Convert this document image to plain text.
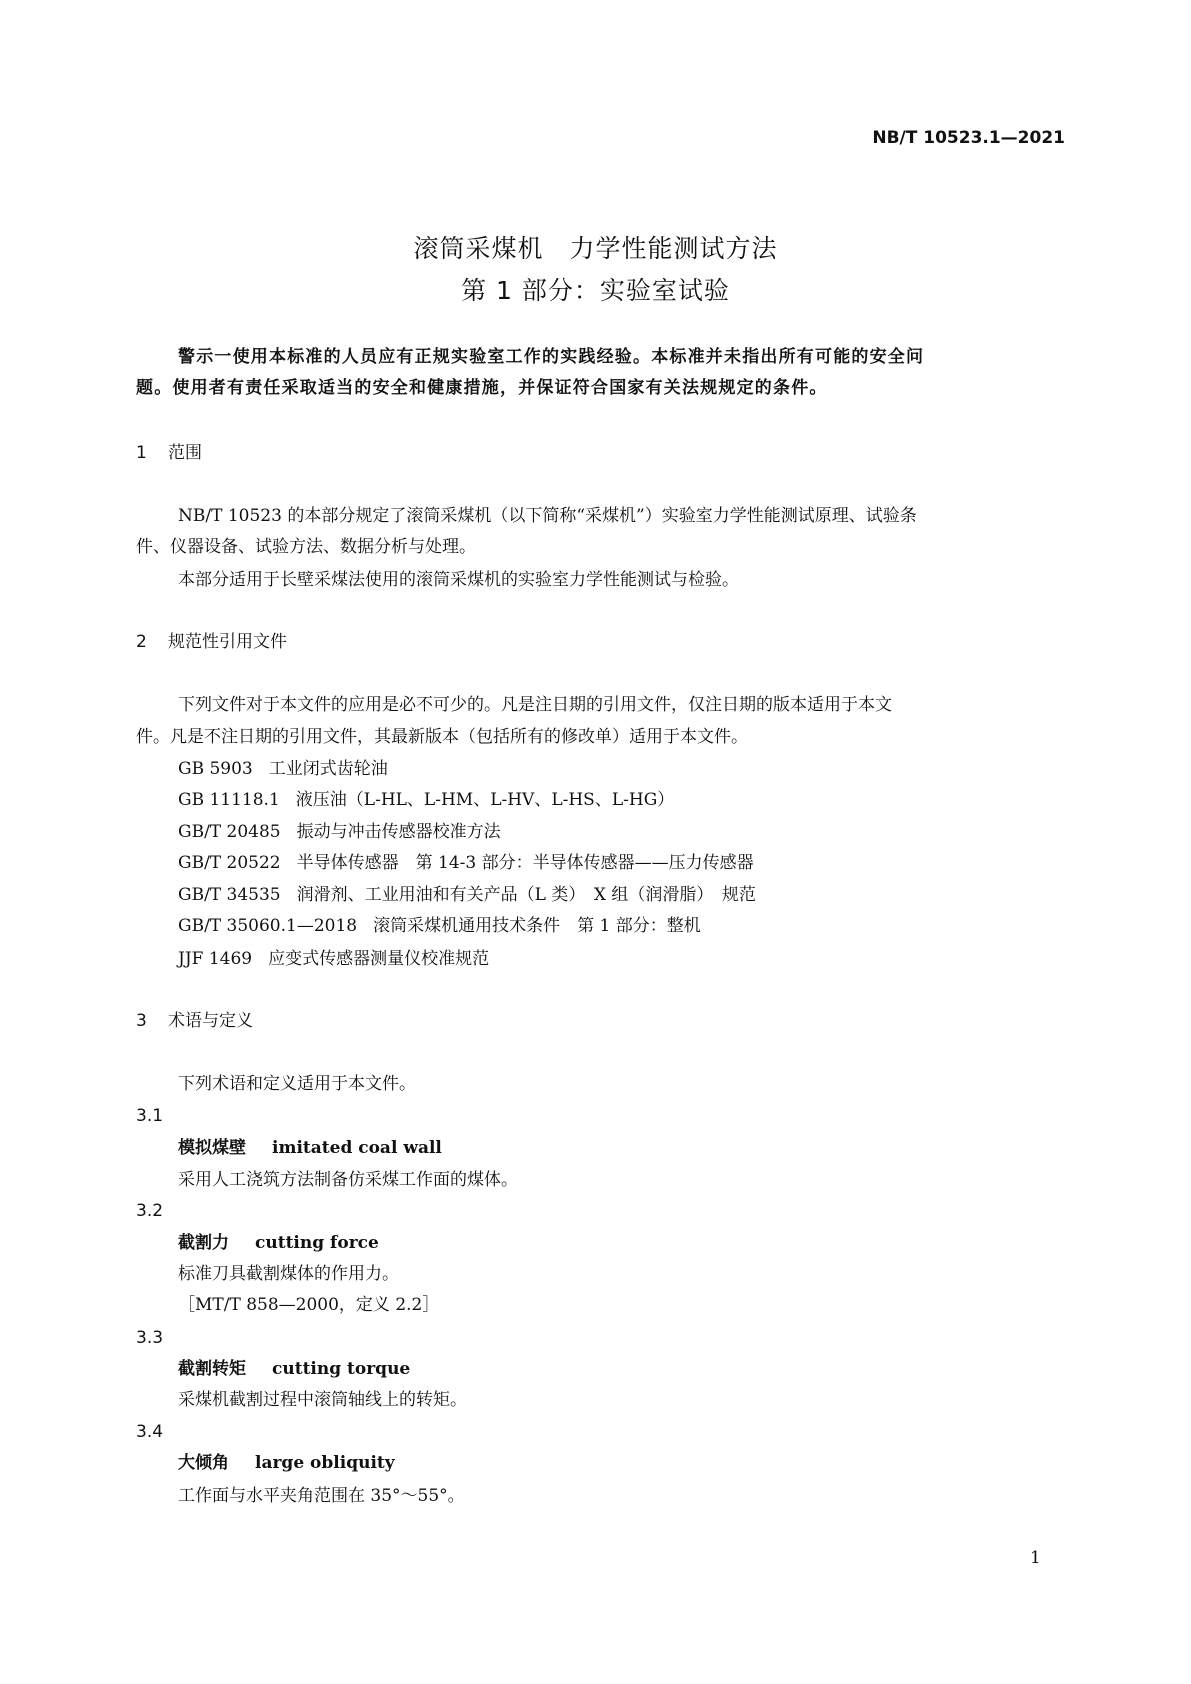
NB/T 10523.1—2021
滚筒采煤机　力学性能测试方法
第 1 部分：实验室试验
警示一使用本标准的人员应有正规实验室工作的实践经验。本标准并未指出所有可能的安全问
题。使用者有责任采取适当的安全和健康措施，并保证符合国家有关法规规定的条件。
1 范围
NB/T 10523 的本部分规定了滚筒采煤机（以下简称“采煤机”）实验室力学性能测试原理、试验条
件、仪器设备、试验方法、数据分析与处理。
本部分适用于长壁采煤法使用的滚筒采煤机的实验室力学性能测试与检验。
2 规范性引用文件
下列文件对于本文件的应用是必不可少的。凡是注日期的引用文件，仅注日期的版本适用于本文
件。凡是不注日期的引用文件，其最新版本（包括所有的修改单）适用于本文件。
GB 5903 工业闭式齿轮油
GB 11118.1 液压油（L-HL、L-HM、L-HV、L-HS、L-HG）
GB/T 20485 振动与冲击传感器校准方法
GB/T 20522 半导体传感器　第 14-3 部分：半导体传感器——压力传感器
GB/T 34535 润滑剂、工业用油和有关产品（L 类）　X 组（润滑脂）　规范
GB/T 35060.1—2018 滚筒采煤机通用技术条件　第 1 部分：整机
JJF 1469 应变式传感器测量仪校准规范
3 术语与定义
下列术语和定义适用于本文件。
3.1
模拟煤壁 imitated coal wall
采用人工浇筑方法制备仿采煤工作面的煤体。
3.2
截割力 cutting force
标准刀具截割煤体的作用力。
［MT/T 858—2000，定义 2.2］
3.3
截割转矩 cutting torque
采煤机截割过程中滚筒轴线上的转矩。
3.4
大倾角 large obliquity
工作面与水平夹角范围在 35°～55°。
1
